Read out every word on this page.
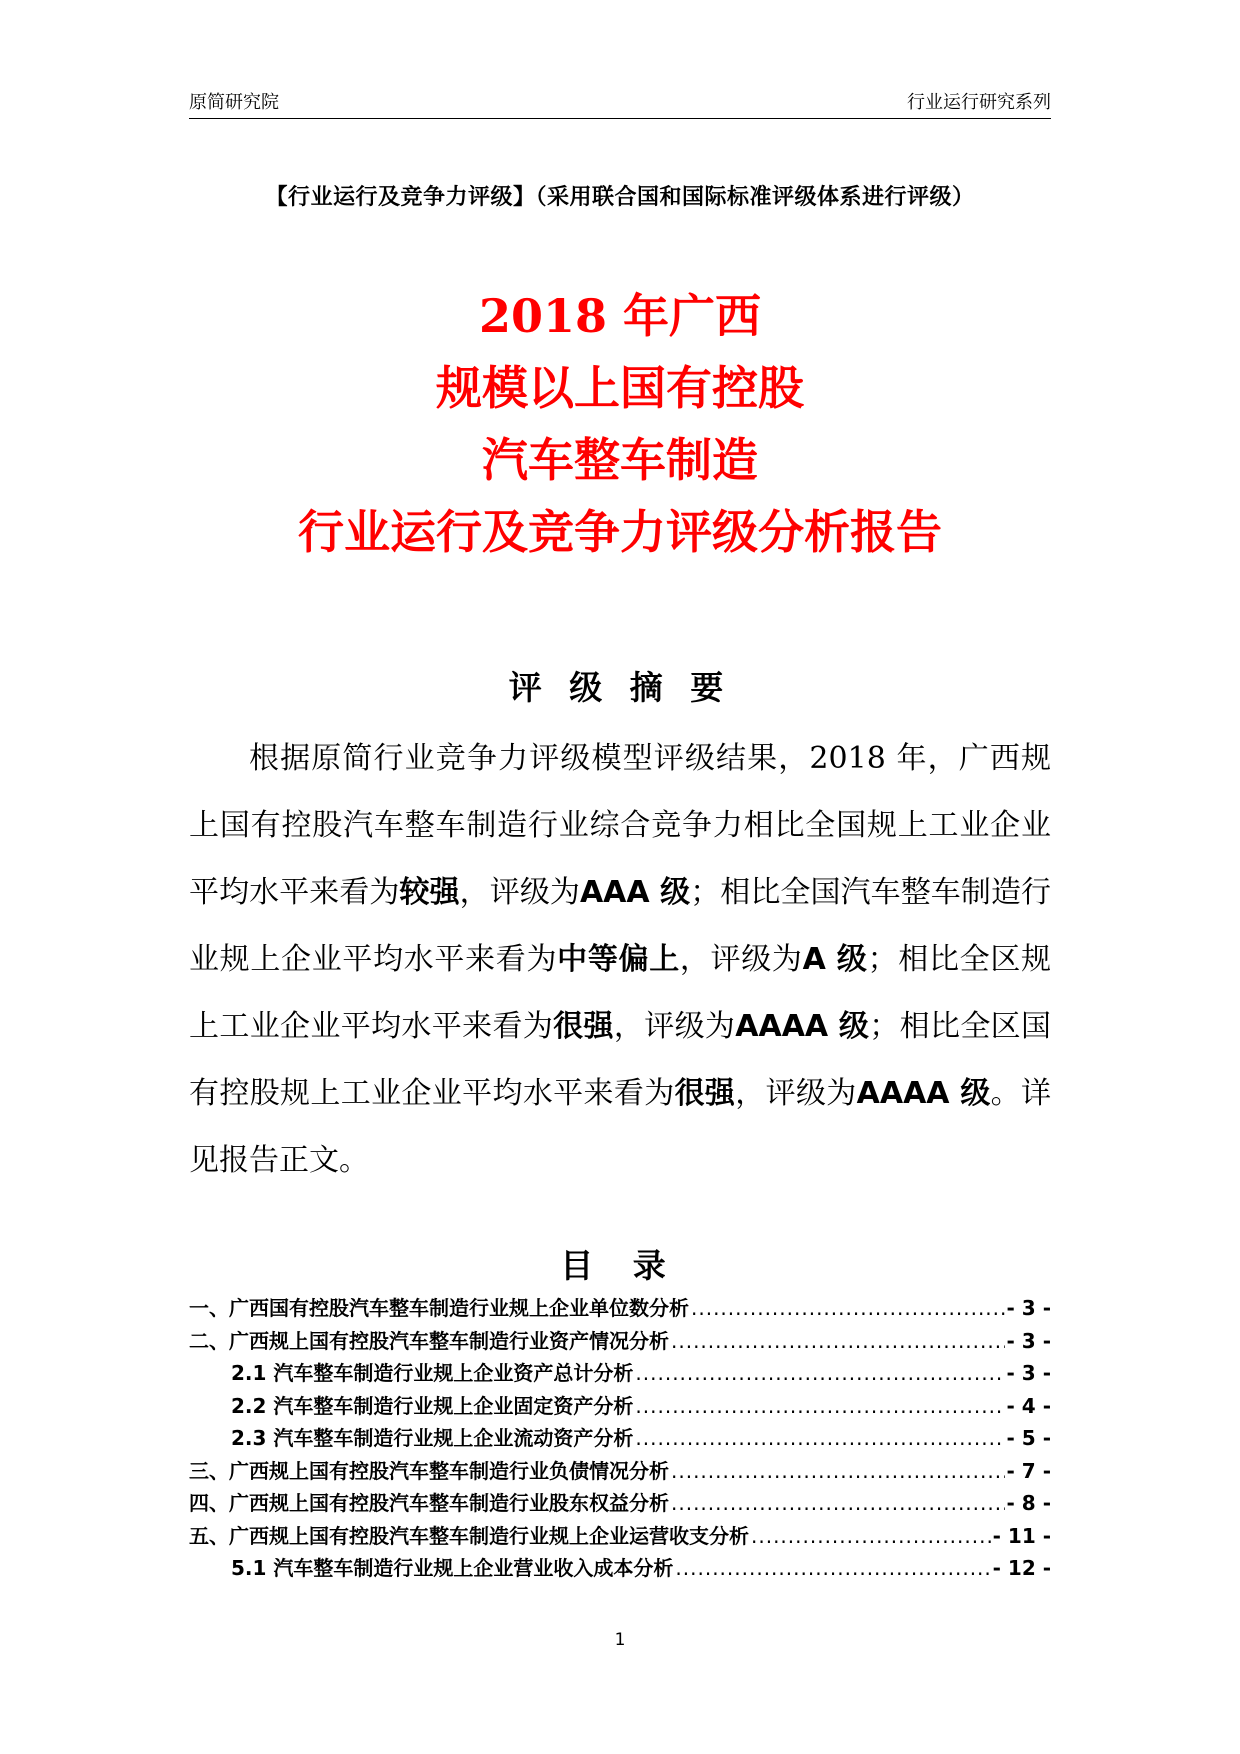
原简研究院	行业运行研究系列
【行业运行及竞争力评级】（采用联合国和国际标准评级体系进行评级）
2018 年广西
规模以上国有控股
汽车整车制造
行业运行及竞争力评级分析报告
评 级 摘 要
根据原简行业竞争力评级模型评级结果，2018 年，广西规上国有控股汽车整车制造行业综合竞争力相比全国规上工业企业平均水平来看为较强，评级为AAA 级；相比全国汽车整车制造行业规上企业平均水平来看为中等偏上，评级为A 级；相比全区规上工业企业平均水平来看为很强，评级为AAAA 级；相比全区国有控股规上工业企业平均水平来看为很强，评级为AAAA 级。详见报告正文。
目 录
一、广西国有控股汽车整车制造行业规上企业单位数分析 .....	- 3 -
二、广西规上国有控股汽车整车制造行业资产情况分析 .....	- 3 -
2.1 汽车整车制造行业规上企业资产总计分析 .....	- 3 -
2.2 汽车整车制造行业规上企业固定资产分析 .....	- 4 -
2.3 汽车整车制造行业规上企业流动资产分析 .....	- 5 -
三、广西规上国有控股汽车整车制造行业负债情况分析 .....	- 7 -
四、广西规上国有控股汽车整车制造行业股东权益分析 .....	- 8 -
五、广西规上国有控股汽车整车制造行业规上企业运营收支分析 .....	- 11 -
5.1 汽车整车制造行业规上企业营业收入成本分析 .....	- 12 -
1
